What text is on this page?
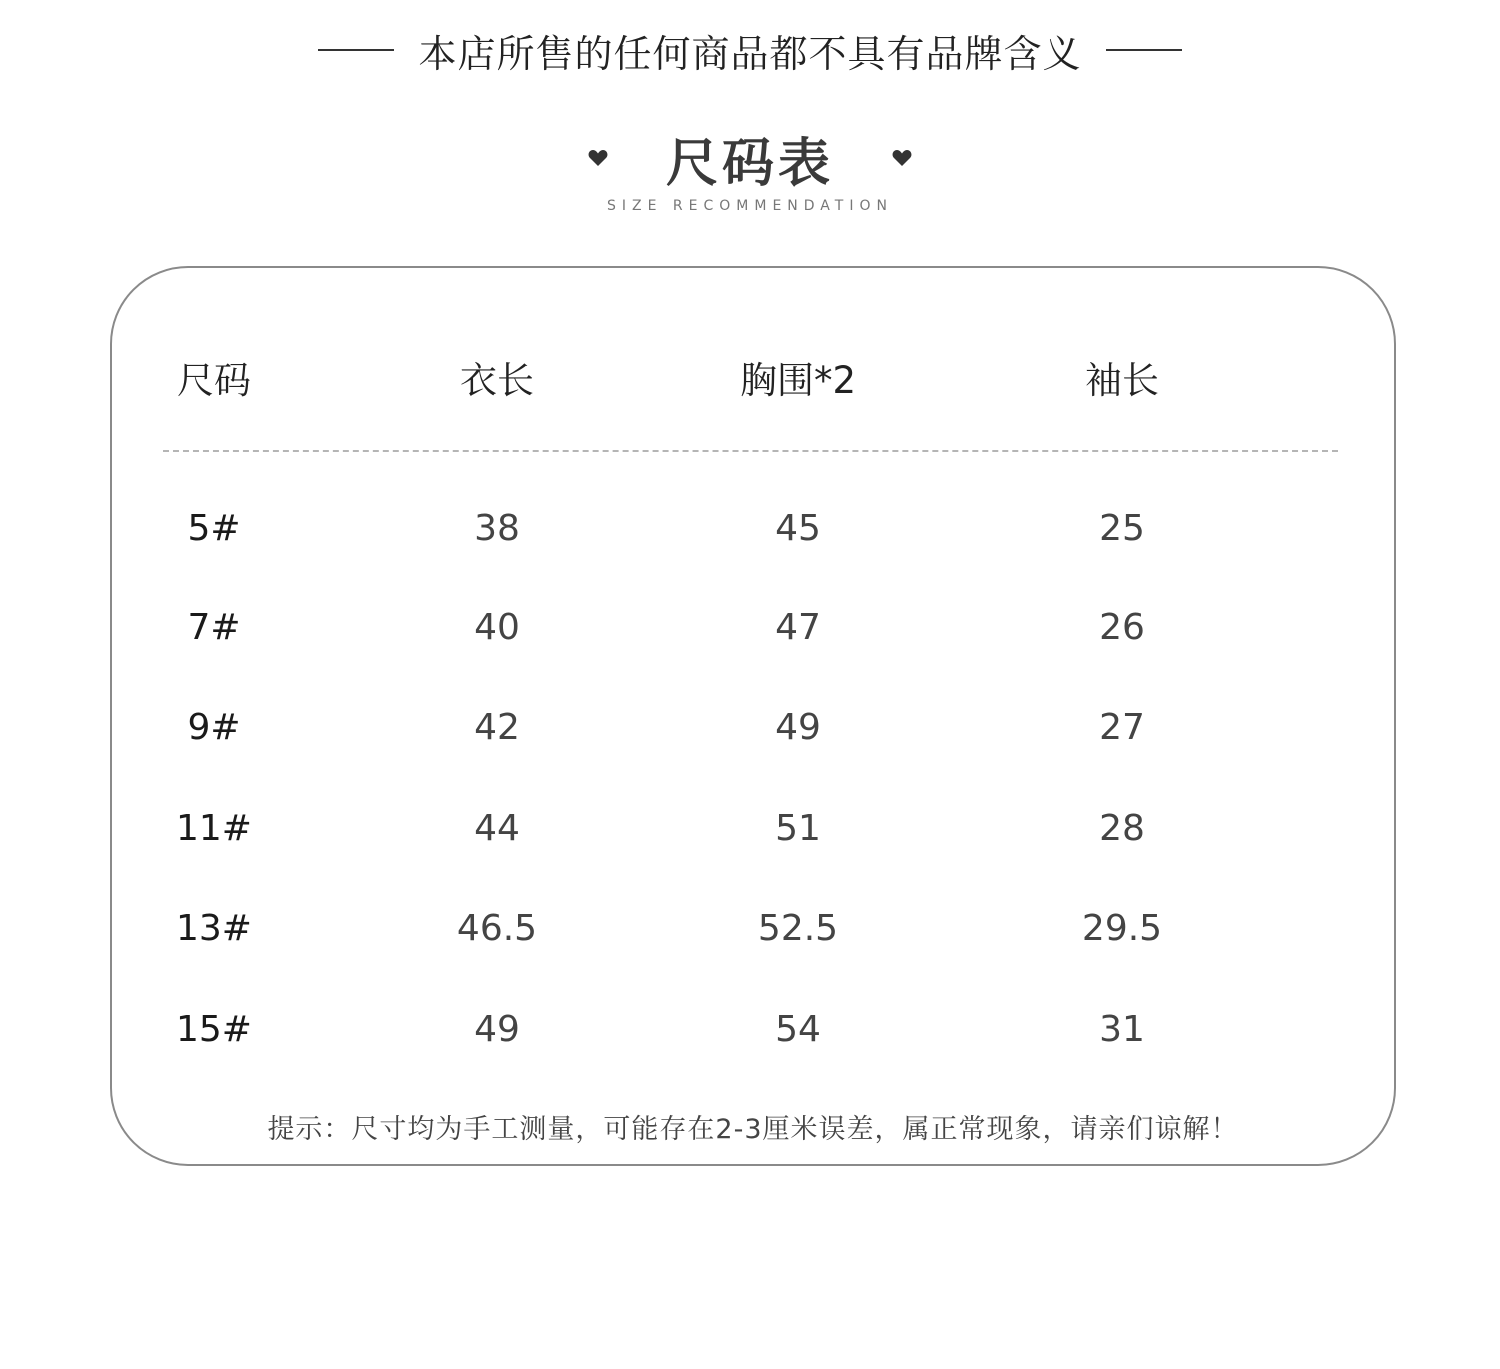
本店所售的任何商品都不具有品牌含义
尺码表
SIZE RECOMMENDATION
尺码	衣长	胸围*2	袖长
5#	38	45	25
7#	40	47	26
9#	42	49	27
11#	44	51	28
13#	46.5	52.5	29.5
15#	49	54	31
提示：尺寸均为手工测量，可能存在2-3厘米误差，属正常现象，请亲们谅解！
